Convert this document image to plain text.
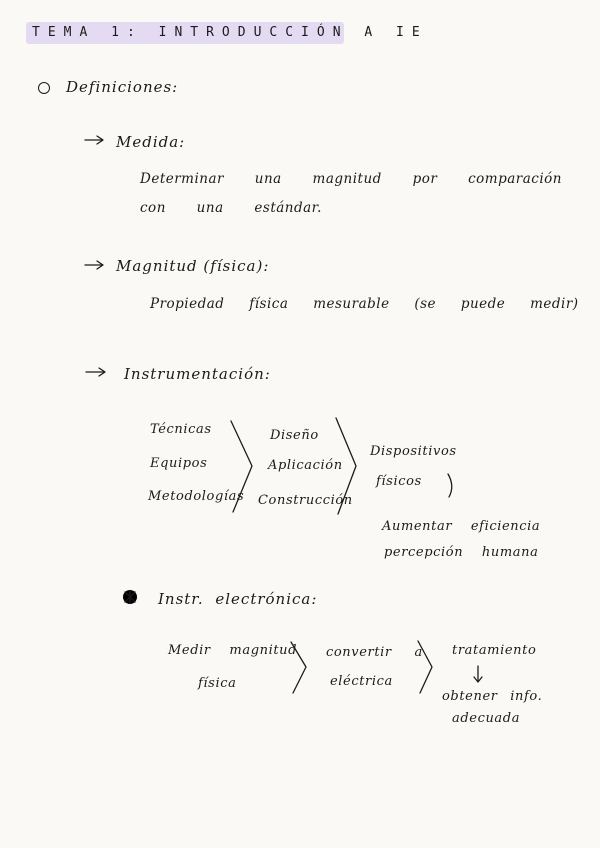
TEMA 1: INTRODUCCIÓN A IE
Definiciones:
Medida:
Determinar una magnitud por comparación
con una estándar.
Magnitud (física):
Propiedad física mesurable (se puede medir)
Instrumentación:
Técnicas
Equipos
Metodologías
Diseño
Aplicación
Construcción
Dispositivos
físicos
Aumentar eficiencia
percepción humana
Instr. electrónica:
Medir magnitud
física
convertir a
eléctrica
tratamiento
obtener info.
adecuada
